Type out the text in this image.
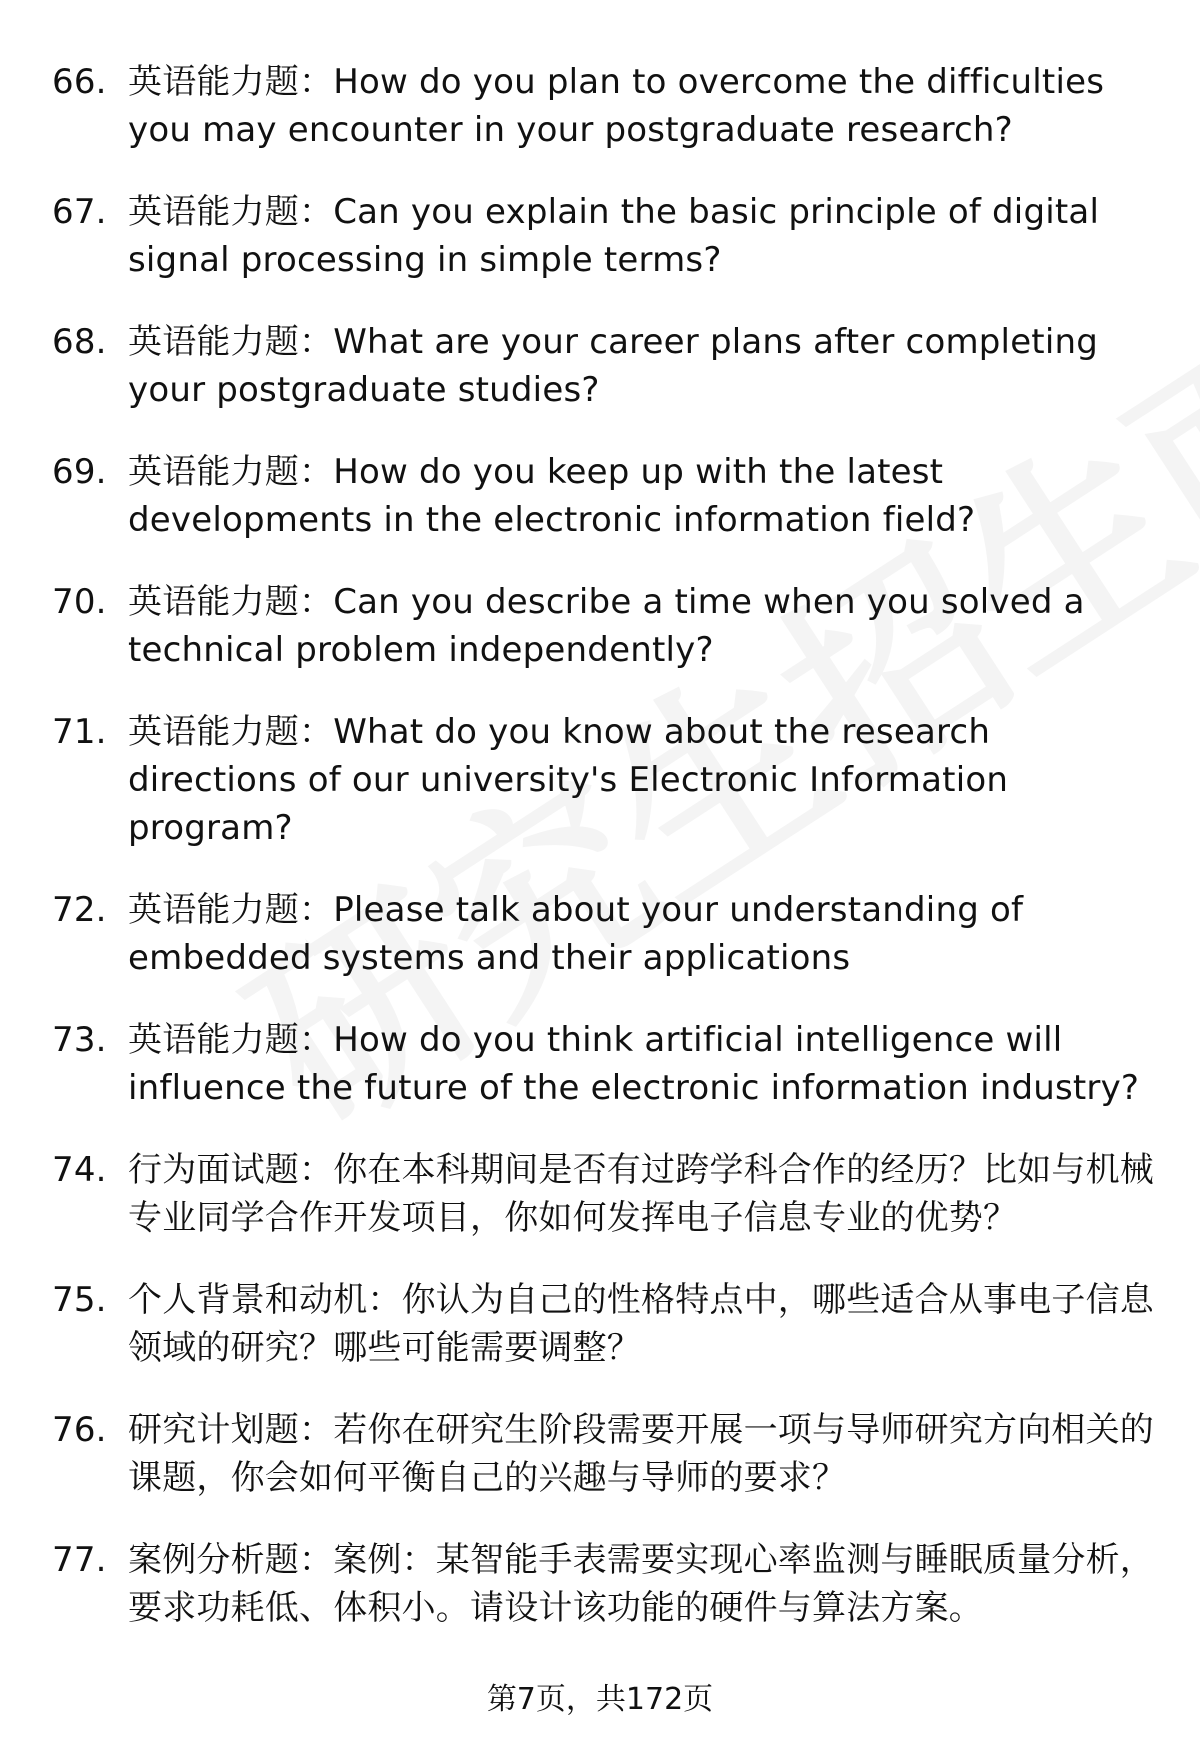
66. 英语能力题：How do you plan to overcome the difficulties you may encounter in your postgraduate research?
67. 英语能力题：Can you explain the basic principle of digital signal processing in simple terms?
68. 英语能力题：What are your career plans after completing your postgraduate studies?
69. 英语能力题：How do you keep up with the latest developments in the electronic information field?
70. 英语能力题：Can you describe a time when you solved a technical problem independently?
71. 英语能力题：What do you know about the research directions of our university's Electronic Information program?
72. 英语能力题：Please talk about your understanding of embedded systems and their applications
73. 英语能力题：How do you think artificial intelligence will influence the future of the electronic information industry?
74. 行为面试题：你在本科期间是否有过跨学科合作的经历？比如与机械专业同学合作开发项目，你如何发挥电子信息专业的优势？
75. 个人背景和动机：你认为自己的性格特点中，哪些适合从事电子信息领域的研究？哪些可能需要调整？
76. 研究计划题：若你在研究生阶段需要开展一项与导师研究方向相关的课题，你会如何平衡自己的兴趣与导师的要求？
77. 案例分析题：案例：某智能手表需要实现心率监测与睡眠质量分析，要求功耗低、体积小。请设计该功能的硬件与算法方案。
第7页，共172页
